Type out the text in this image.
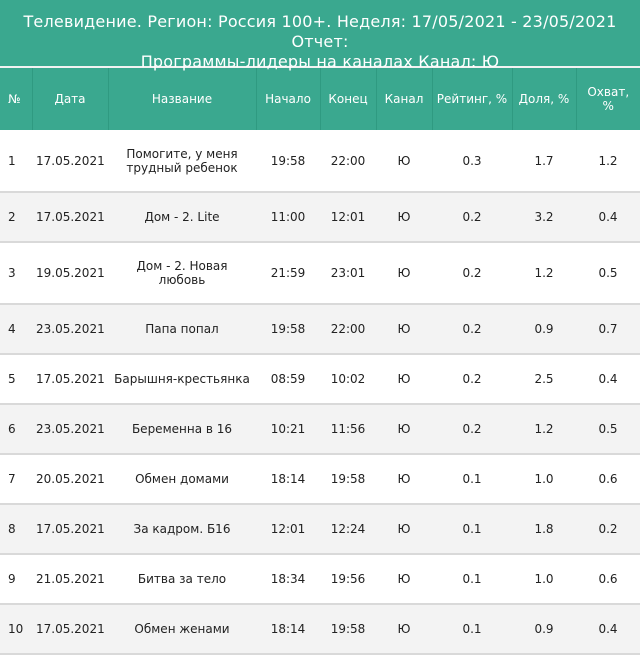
Телевидение. Регион: Россия 100+. Неделя: 17/05/2021 - 23/05/2021 Отчет:
Программы-лидеры на каналах Канал: Ю
№	Дата	Название	Начало	Конец	Канал	Рейтинг, %	Доля, %	Охват, %
1	17.05.2021	Помогите, у меня трудный ребенок	19:58	22:00	Ю	0.3	1.7	1.2
2	17.05.2021	Дом - 2. Lite	11:00	12:01	Ю	0.2	3.2	0.4
3	19.05.2021	Дом - 2. Новая любовь	21:59	23:01	Ю	0.2	1.2	0.5
4	23.05.2021	Папа попал	19:58	22:00	Ю	0.2	0.9	0.7
5	17.05.2021	Барышня-крестьянка	08:59	10:02	Ю	0.2	2.5	0.4
6	23.05.2021	Беременна в 16	10:21	11:56	Ю	0.2	1.2	0.5
7	20.05.2021	Обмен домами	18:14	19:58	Ю	0.1	1.0	0.6
8	17.05.2021	За кадром. Б16	12:01	12:24	Ю	0.1	1.8	0.2
9	21.05.2021	Битва за тело	18:34	19:56	Ю	0.1	1.0	0.6
10	17.05.2021	Обмен женами	18:14	19:58	Ю	0.1	0.9	0.4
